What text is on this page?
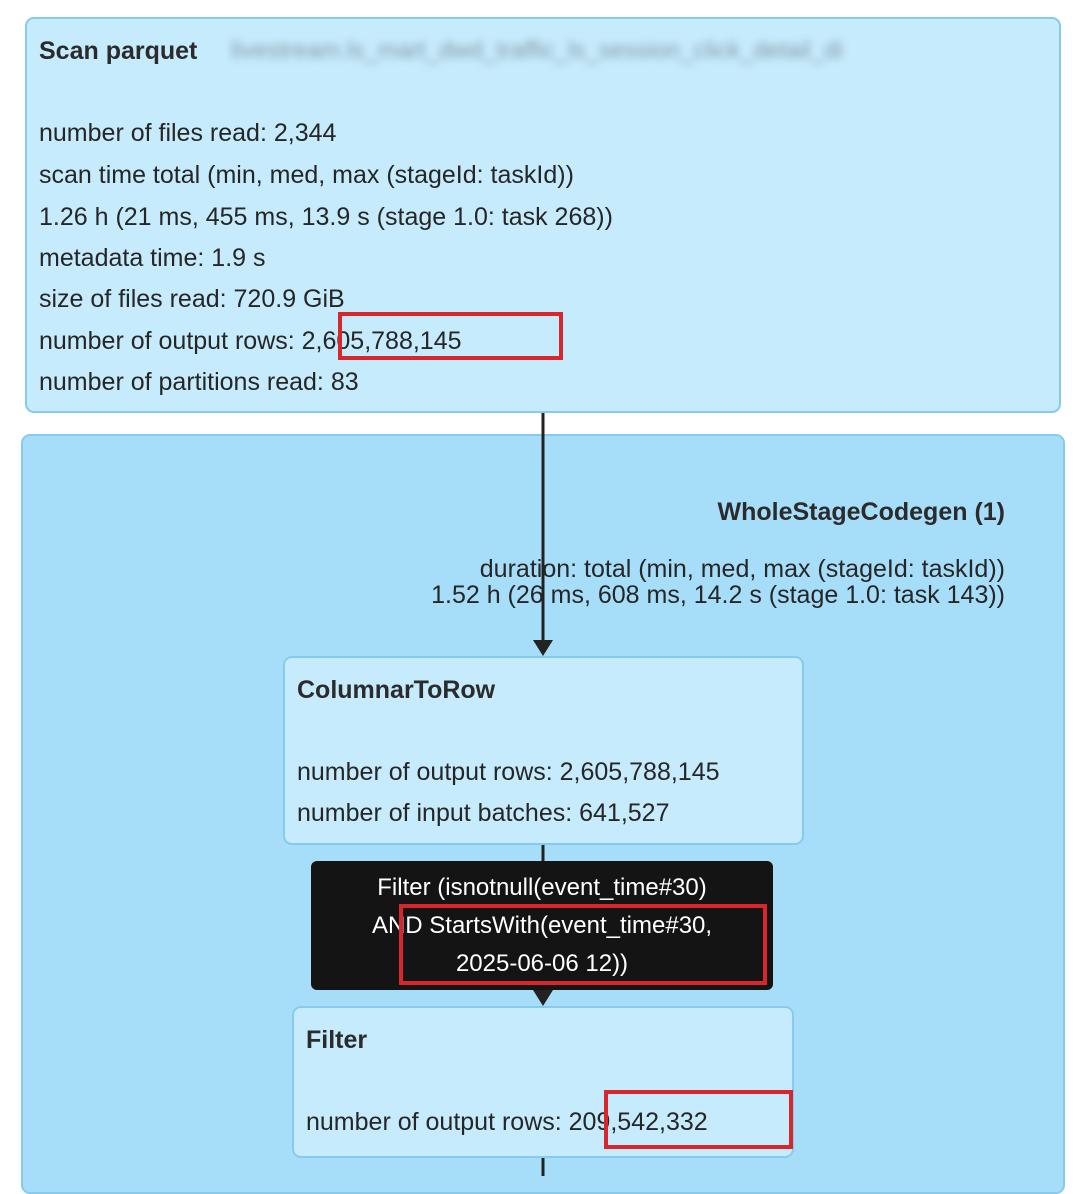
Scan parquet livestream.ls_mart_dwd_traffic_ls_session_click_detail_di
number of files read: 2,344
scan time total (min, med, max (stageId: taskId))
1.26 h (21 ms, 455 ms, 13.9 s (stage 1.0: task 268))
metadata time: 1.9 s
size of files read: 720.9 GiB
number of output rows: 2,605,788,145
number of partitions read: 83
WholeStageCodegen (1)
duration: total (min, med, max (stageId: taskId))
1.52 h (26 ms, 608 ms, 14.2 s (stage 1.0: task 143))
ColumnarToRow
number of output rows: 2,605,788,145
number of input batches: 641,527
Filter
number of output rows: 209,542,332
Filter (isnotnull(event_time#30)
AND StartsWith(event_time#30,
2025-06-06 12))
